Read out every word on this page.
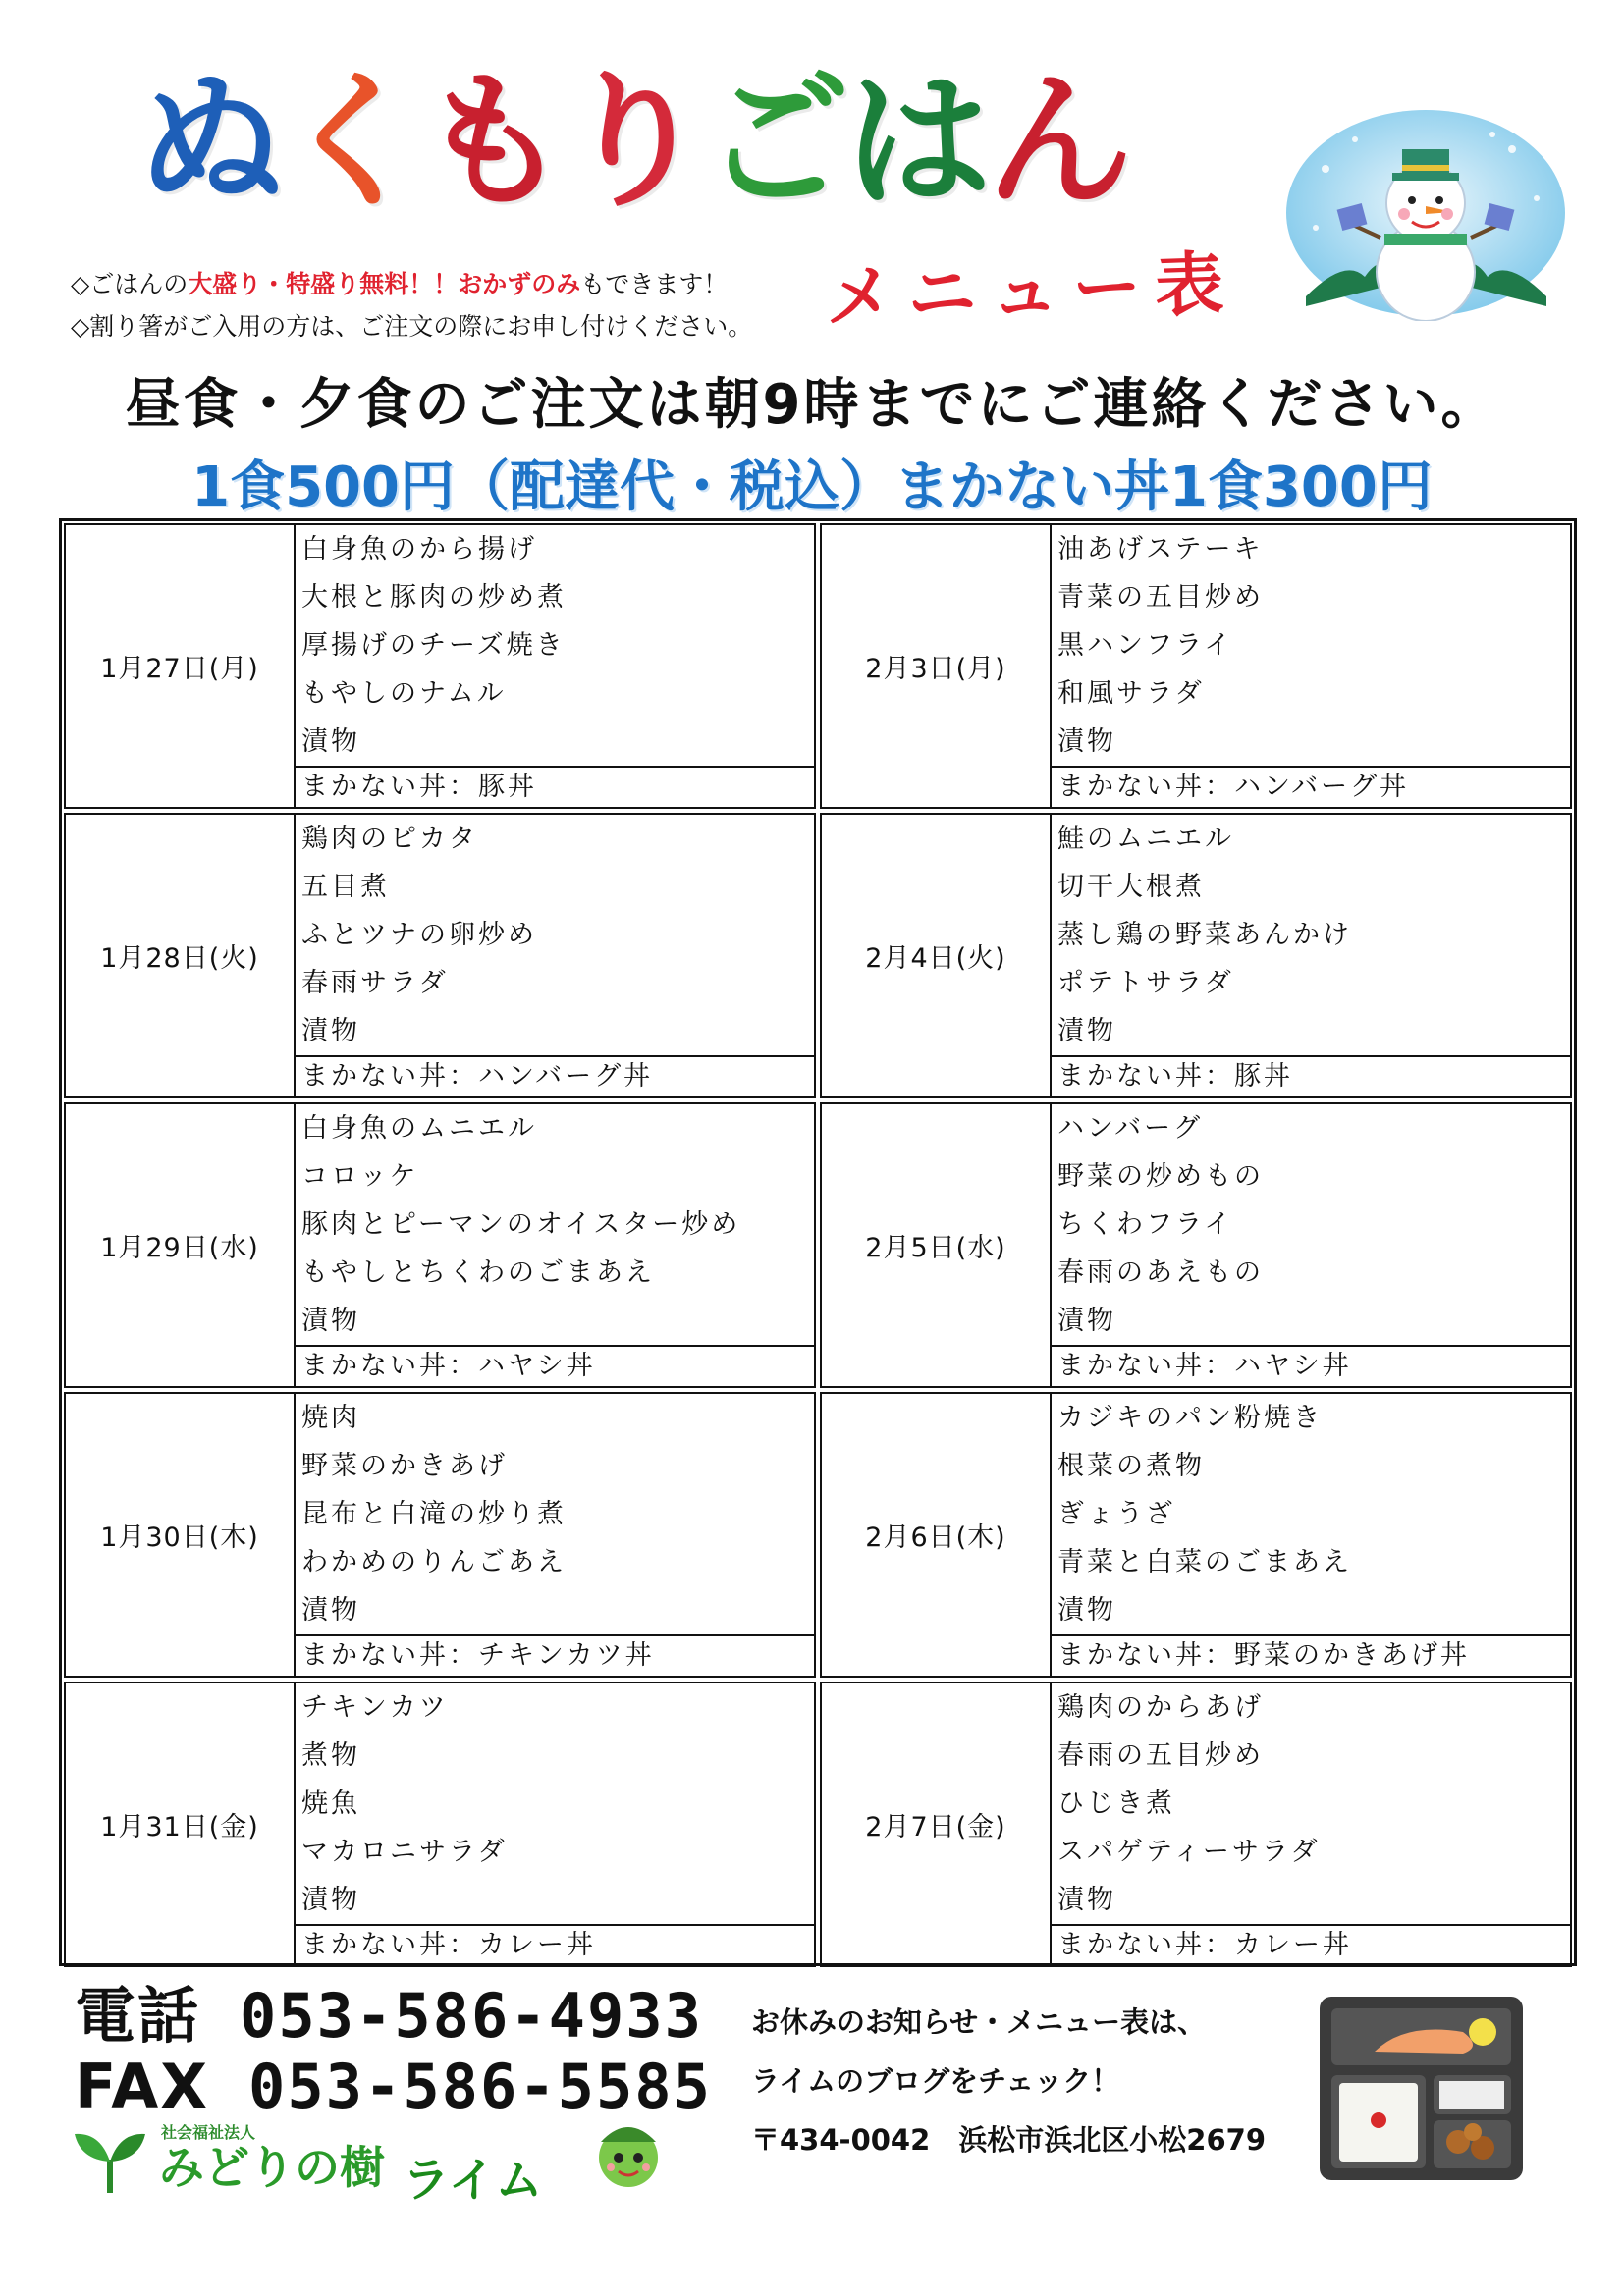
ぬくもりごはん
メニュー表
◇ごはんの大盛り・特盛り無料！！おかずのみもできます！
◇割り箸がご入用の方は、ご注文の際にお申し付けください。
昼食・夕食のご注文は朝9時までにご連絡ください。
1食500円（配達代・税込）まかない丼1食300円
1月27日(月)
白身魚のから揚げ
大根と豚肉の炒め煮
厚揚げのチーズ焼き
もやしのナムル
漬物
まかない丼：豚丼
2月3日(月)
油あげステーキ
青菜の五目炒め
黒ハンフライ
和風サラダ
漬物
まかない丼：ハンバーグ丼
1月28日(火)
鶏肉のピカタ
五目煮
ふとツナの卵炒め
春雨サラダ
漬物
まかない丼：ハンバーグ丼
2月4日(火)
鮭のムニエル
切干大根煮
蒸し鶏の野菜あんかけ
ポテトサラダ
漬物
まかない丼：豚丼
1月29日(水)
白身魚のムニエル
コロッケ
豚肉とピーマンのオイスター炒め
もやしとちくわのごまあえ
漬物
まかない丼：ハヤシ丼
2月5日(水)
ハンバーグ
野菜の炒めもの
ちくわフライ
春雨のあえもの
漬物
まかない丼：ハヤシ丼
1月30日(木)
焼肉
野菜のかきあげ
昆布と白滝の炒り煮
わかめのりんごあえ
漬物
まかない丼：チキンカツ丼
2月6日(木)
カジキのパン粉焼き
根菜の煮物
ぎょうざ
青菜と白菜のごまあえ
漬物
まかない丼：野菜のかきあげ丼
1月31日(金)
チキンカツ
煮物
焼魚
マカロニサラダ
漬物
まかない丼：カレー丼
2月7日(金)
鶏肉のからあげ
春雨の五目炒め
ひじき煮
スパゲティーサラダ
漬物
まかない丼：カレー丼
電話 053-586-4933
FAX 053-586-5585
社会福祉法人
みどりの樹 ライム
お休みのお知らせ・メニュー表は、
ライムのブログをチェック！
〒434-0042　浜松市浜北区小松2679
